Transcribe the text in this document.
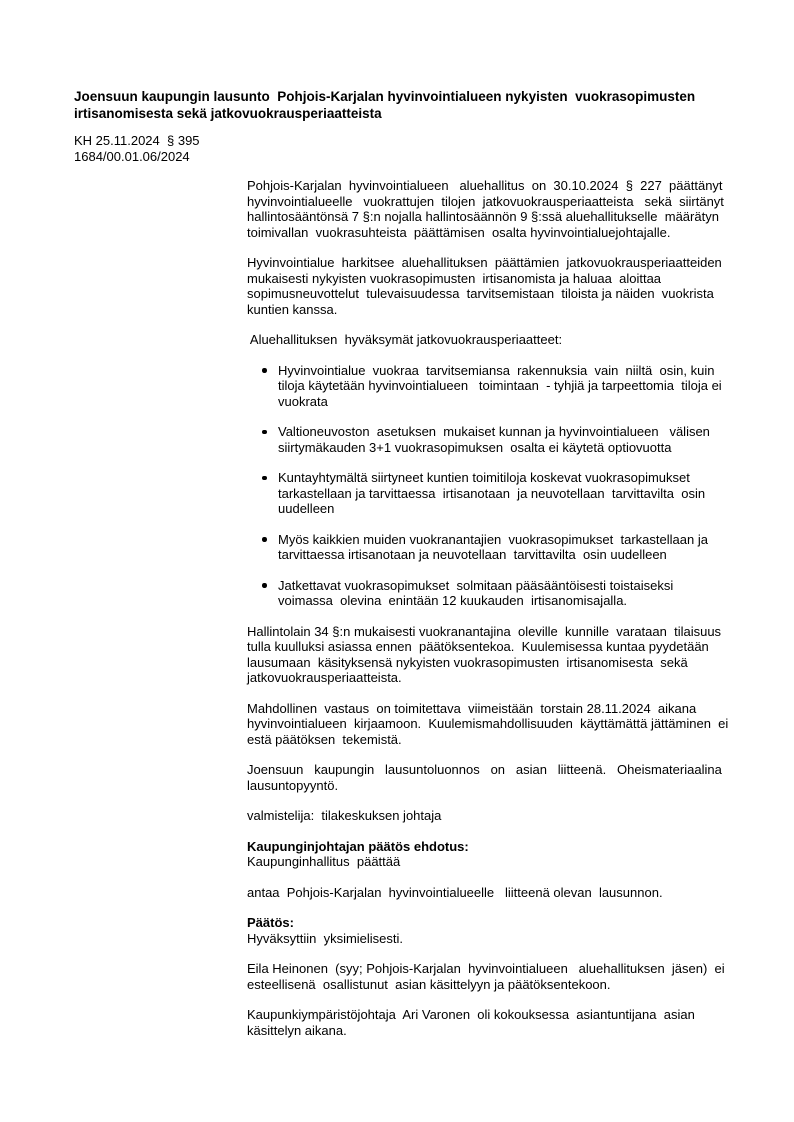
Joensuun kaupungin lausunto  Pohjois-Karjalan hyvinvointialueen nykyisten  vuokrasopimusten
irtisanomisesta sekä jatkovuokrausperiaatteista
KH 25.11.2024  § 395
1684/00.01.06/2024
Pohjois-Karjalan  hyvinvointialueen   aluehallitus  on  30.10.2024  §  227  päättänyt
hyvinvointialueelle   vuokrattujen  tilojen  jatkovuokrausperiaatteista   sekä  siirtänyt
hallintosääntönsä 7 §:n nojalla hallintosäännön 9 §:ssä aluehallitukselle  määrätyn
toimivallan  vuokrasuhteista  päättämisen  osalta hyvinvointialuejohtajalle.
Hyvinvointialue  harkitsee  aluehallituksen  päättämien  jatkovuokrausperiaatteiden
mukaisesti nykyisten vuokrasopimusten  irtisanomista ja haluaa  aloittaa
sopimusneuvottelut  tulevaisuudessa  tarvitsemistaan  tiloista ja näiden  vuokrista
kuntien kanssa.
Aluehallituksen  hyväksymät jatkovuokrausperiaatteet:
Hyvinvointialue  vuokraa  tarvitsemiansa  rakennuksia  vain  niiltä  osin, kuin
tiloja käytetään hyvinvointialueen   toimintaan  - tyhjiä ja tarpeettomia  tiloja ei
vuokrata
Valtioneuvoston  asetuksen  mukaiset kunnan ja hyvinvointialueen   välisen
siirtymäkauden 3+1 vuokrasopimuksen  osalta ei käytetä optiovuotta
Kuntayhtymältä siirtyneet kuntien toimitiloja koskevat vuokrasopimukset
tarkastellaan ja tarvittaessa  irtisanotaan  ja neuvotellaan  tarvittavilta  osin
uudelleen
Myös kaikkien muiden vuokranantajien  vuokrasopimukset  tarkastellaan ja
tarvittaessa irtisanotaan ja neuvotellaan  tarvittavilta  osin uudelleen
Jatkettavat vuokrasopimukset  solmitaan pääsääntöisesti toistaiseksi
voimassa  olevina  enintään 12 kuukauden  irtisanomisajalla.
Hallintolain 34 §:n mukaisesti vuokranantajina  oleville  kunnille  varataan  tilaisuus
tulla kuulluksi asiassa ennen  päätöksentekoa.  Kuulemisessa kuntaa pyydetään
lausumaan  käsityksensä nykyisten vuokrasopimusten  irtisanomisesta  sekä
jatkovuokrausperiaatteista.
Mahdollinen  vastaus  on toimitettava  viimeistään  torstain 28.11.2024  aikana
hyvinvointialueen  kirjaamoon.  Kuulemismahdollisuuden  käyttämättä jättäminen  ei
estä päätöksen  tekemistä.
Joensuun   kaupungin   lausuntoluonnos   on   asian   liitteenä.   Oheismateriaalina
lausuntopyyntö.
valmistelija:  tilakeskuksen johtaja
Kaupunginjohtajan päätös ehdotus:
Kaupunginhallitus  päättää
antaa  Pohjois-Karjalan  hyvinvointialueelle   liitteenä olevan  lausunnon.
Päätös:
Hyväksyttiin  yksimielisesti.
Eila Heinonen  (syy; Pohjois-Karjalan  hyvinvointialueen   aluehallituksen  jäsen)  ei
esteellisenä  osallistunut  asian käsittelyyn ja päätöksentekoon.
Kaupunkiympäristöjohtaja  Ari Varonen  oli kokouksessa  asiantuntijana  asian
käsittelyn aikana.
